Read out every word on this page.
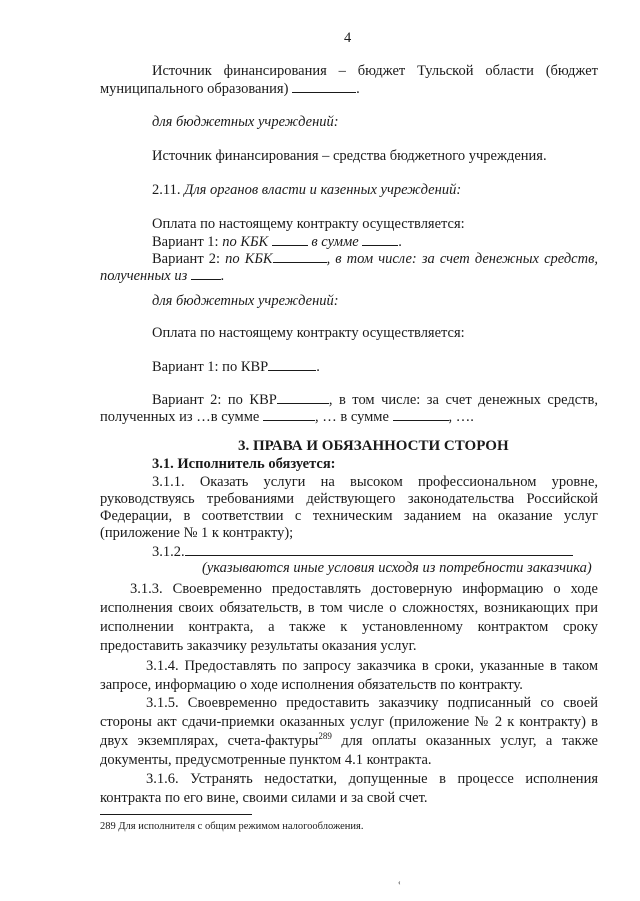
4
Источник финансирования – бюджет Тульской области (бюджет
муниципального образования)	.
для бюджетных учреждений:
Источник финансирования – средства бюджетного учреждения.
2.11. Для органов власти и казенных учреждений:
Оплата по настоящему контракту осуществляется:
Вариант 1: по КБК	в сумме	.
Вариант 2: по КБК	, в том числе: за счет денежных средств,
полученных из .
для бюджетных учреждений:
Оплата по настоящему контракту осуществляется:
Вариант 1: по КВР	.
Вариант 2: по КВР	, в том числе: за счет денежных средств,
полученных из …в сумме	, … в сумме	, ….
3. ПРАВА И ОБЯЗАННОСТИ СТОРОН
3.1. Исполнитель обязуется:
3.1.1. Оказать услуги на высоком профессиональном уровне,
руководствуясь требованиями действующего законодательства Российской
Федерации, в соответствии с техническим заданием на оказание услуг
(приложение № 1 к контракту);
3.1.2.
(указываются иные условия исходя из потребности заказчика)
3.1.3. Своевременно предоставлять достоверную информацию о ходе
исполнения своих обязательств, в том числе о сложностях, возникающих при
исполнении контракта, а также к установленному контрактом сроку
предоставить заказчику результаты оказания услуг.
3.1.4. Предоставлять по запросу заказчика в сроки, указанные в таком
запросе, информацию о ходе исполнения обязательств по контракту.
3.1.5. Своевременно предоставить заказчику подписанный со своей
стороны акт сдачи-приемки оказанных услуг (приложение № 2 к контракту) в
двух экземплярах, счета-фактуры$^{289}$ для оплаты оказанных услуг, а также
документы, предусмотренные пунктом 4.1 контракта.
3.1.6. Устранять недостатки, допущенные в процессе исполнения
контракта по его вине, своими силами и за свой счет.
289 Для исполнителя с общим режимом налогообложения.
‹
